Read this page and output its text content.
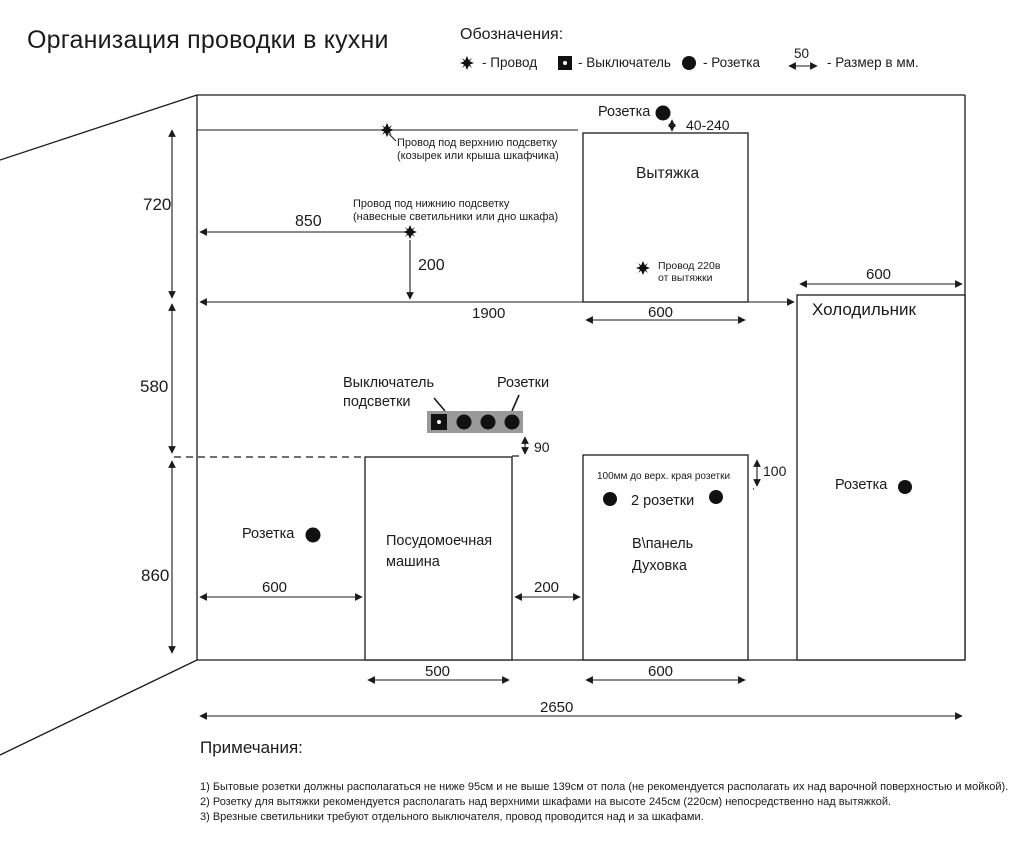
Организация проводки в кухни	Обозначения:
- Провод	- Выключатель - Розетка
50
- Размер в мм.
Розетка
40-240
Вытяжка
Провод 220в
от вытяжки
Провод под верхнию подсветку
(козырек или крыша шкафчика)
Провод под нижнию подсветку
(навесные светильники или дно шкафа)
720
850
200
580
860
1900	600
600
Холодильник
Розетка
Выключатель
подсветки
Розетки
90
Розетка	Посудомоечная
машина
600	200
100мм до верх. края розетки
2 розетки
В\панель
Духовка
100
500	600
2650
Примечания:
1) Бытовые розетки должны располагаться не ниже 95см и не выше 139см от пола (не рекомендуется располагать их над варочной поверхностью и мойкой).
2) Розетку для вытяжки рекомендуется располагать над верхними шкафами на высоте 245см (220см) непосредственно над вытяжкой.
3) Врезные светильники требуют отдельного выключателя, провод проводится над и за шкафами.
